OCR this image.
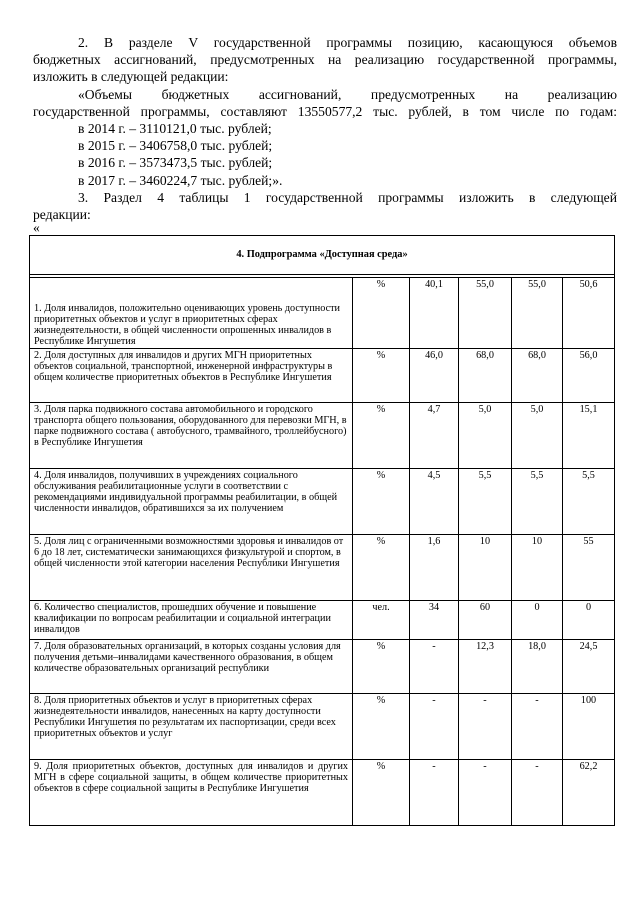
2. В разделе V государственной программы позицию, касающуюся объемов

бюджетных ассигнований, предусмотренных на реализацию государственной программы,

изложить в следующей редакции:

«Объемы бюджетных ассигнований, предусмотренных на реализацию

государственной программы, составляют 13550577,2 тыс. рублей, в том числе по годам:

в 2014 г. – 3110121,0 тыс. рублей;

в 2015 г. – 3406758,0 тыс. рублей;

в 2016 г. – 3573473,5 тыс. рублей;

в 2017 г. – 3460224,7 тыс. рублей;».

3. Раздел 4 таблицы 1 государственной программы изложить в следующей

редакции:

«
4. Подпрограмма «Доступная среда»					

1. Доля инвалидов, положительно оценивающих уровень доступности приоритетных объектов и услуг в приоритетных сферах жизнедеятельности, в общей численности опрошенных инвалидов в Республике Ингушетия	%	40,1	55,0	55,0	50,6
2. Доля доступных для инвалидов и других МГН приоритетных объектов социальной, транспортной, инженерной инфраструктуры в общем количестве приоритетных объектов в Республике Ингушетия	%	46,0	68,0	68,0	56,0
3. Доля парка подвижного состава автомобильного и городского транспорта общего пользования, оборудованного для перевозки МГН, в парке подвижного состава ( автобусного, трамвайного, троллейбусного) в Республике Ингушетия	%	4,7	5,0	5,0	15,1
4. Доля инвалидов, получивших в учреждениях социального обслуживания реабилитационные услуги в соответствии с рекомендациями индивидуальной программы реабилитации, в общей численности инвалидов, обратившихся за их получением	%	4,5	5,5	5,5	5,5
5. Доля лиц с ограниченными возможностями здоровья и инвалидов от 6 до 18 лет, систематически занимающихся физкультурой и спортом, в общей численности этой категории населения Республики Ингушетия	%	1,6	10	10	55
6. Количество специалистов, прошедших обучение и повышение квалификации по вопросам реабилитации и социальной интеграции инвалидов	чел.	34	60	0	0
7. Доля образовательных организаций, в которых созданы условия для получения детьми–инвалидами качественного образования, в общем количестве образовательных организаций республики	%	-	12,3	18,0	24,5
8. Доля приоритетных объектов и услуг в приоритетных сферах жизнедеятельности инвалидов, нанесенных на карту доступности Республики Ингушетия по результатам их паспортизации, среди всех приоритетных объектов и услуг	%	-	-	-	100
9. Доля приоритетных объектов, доступных для инвалидов и других МГН в сфере социальной защиты, в общем количестве приоритетных объектов в сфере социальной защиты в Республике Ингушетия	%	-	-	-	62,2
